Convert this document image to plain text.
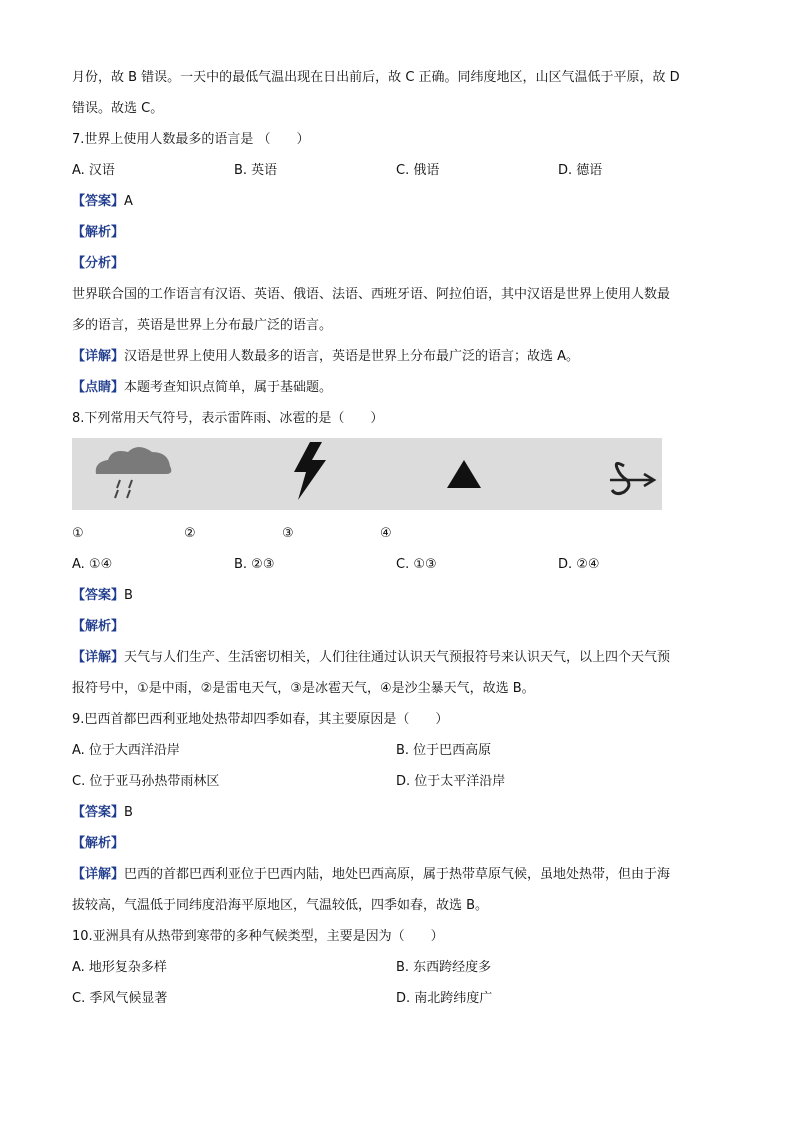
月份，故 B 错误。一天中的最低气温出现在日出前后，故 C 正确。同纬度地区，山区气温低于平原，故 D
错误。故选 C。
7.世界上使用人数最多的语言是 （　　）
A. 汉语	B. 英语	C. 俄语	D. 德语
【答案】A
【解析】
【分析】
世界联合国的工作语言有汉语、英语、俄语、法语、西班牙语、阿拉伯语，其中汉语是世界上使用人数最
多的语言，英语是世界上分布最广泛的语言。
【详解】汉语是世界上使用人数最多的语言，英语是世界上分布最广泛的语言；故选 A。
【点睛】本题考查知识点简单，属于基础题。
8.下列常用天气符号，表示雷阵雨、冰雹的是（　　）
①	②	③	④
A. ①④	B. ②③	C. ①③	D. ②④
【答案】B
【解析】
【详解】天气与人们生产、生活密切相关，人们往往通过认识天气预报符号来认识天气，以上四个天气预
报符号中，①是中雨，②是雷电天气，③是冰雹天气，④是沙尘暴天气，故选 B。
9.巴西首都巴西利亚地处热带却四季如春，其主要原因是（　　）
A. 位于大西洋沿岸	B. 位于巴西高原
C. 位于亚马孙热带雨林区	D. 位于太平洋沿岸
【答案】B
【解析】
【详解】巴西的首都巴西利亚位于巴西内陆，地处巴西高原，属于热带草原气候，虽地处热带，但由于海
拔较高，气温低于同纬度沿海平原地区，气温较低，四季如春，故选 B。
10.亚洲具有从热带到寒带的多种气候类型，主要是因为（　　）
A. 地形复杂多样	B. 东西跨经度多
C. 季风气候显著	D. 南北跨纬度广
